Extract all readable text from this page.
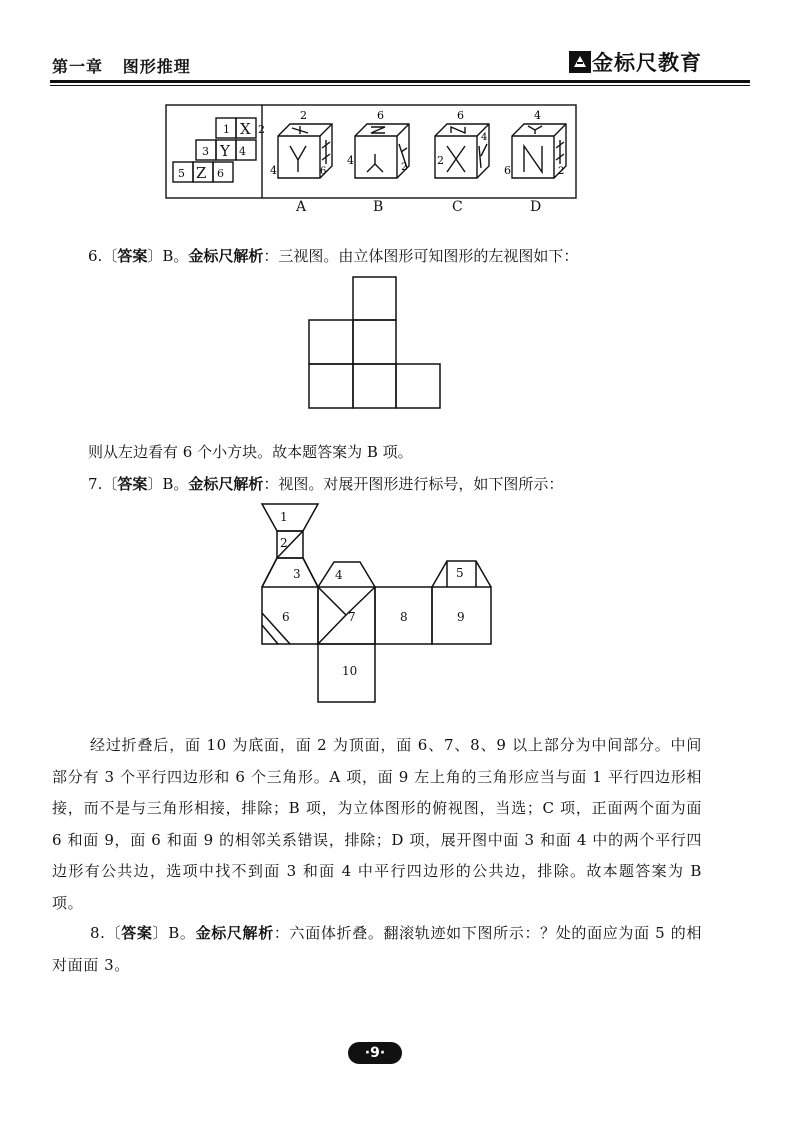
第一章 图形推理	金标尺教育
1	2
3	4
5	6
X
Y
Z
2
4	6
6
4
2
6
4
2
4
6	2
A	B	C	D
6.〔答案〕B。金标尺解析：三视图。由立体图形可知图形的左视图如下：
则从左边看有 6 个小方块。故本题答案为 B 项。
7.〔答案〕B。金标尺解析：视图。对展开图形进行标号，如下图所示：
1
2
3	4	5
6	7	8	9
10
经过折叠后，面 10 为底面，面 2 为顶面，面 6、7、8、9 以上部分为中间部分。中间部分有 3 个平行四边形和 6 个三角形。A 项，面 9 左上角的三角形应当与面 1 平行四边形相接，而不是与三角形相接，排除；B 项，为立体图形的俯视图，当选；C 项，正面两个面为面 6 和面 9，面 6 和面 9 的相邻关系错误，排除；D 项，展开图中面 3 和面 4 中的两个平行四边形有公共边，选项中找不到面 3 和面 4 中平行四边形的公共边，排除。故本题答案为 B 项。
8.〔答案〕B。金标尺解析：六面体折叠。翻滚轨迹如下图所示：？处的面应为面 5 的相对面面 3。
·9·
